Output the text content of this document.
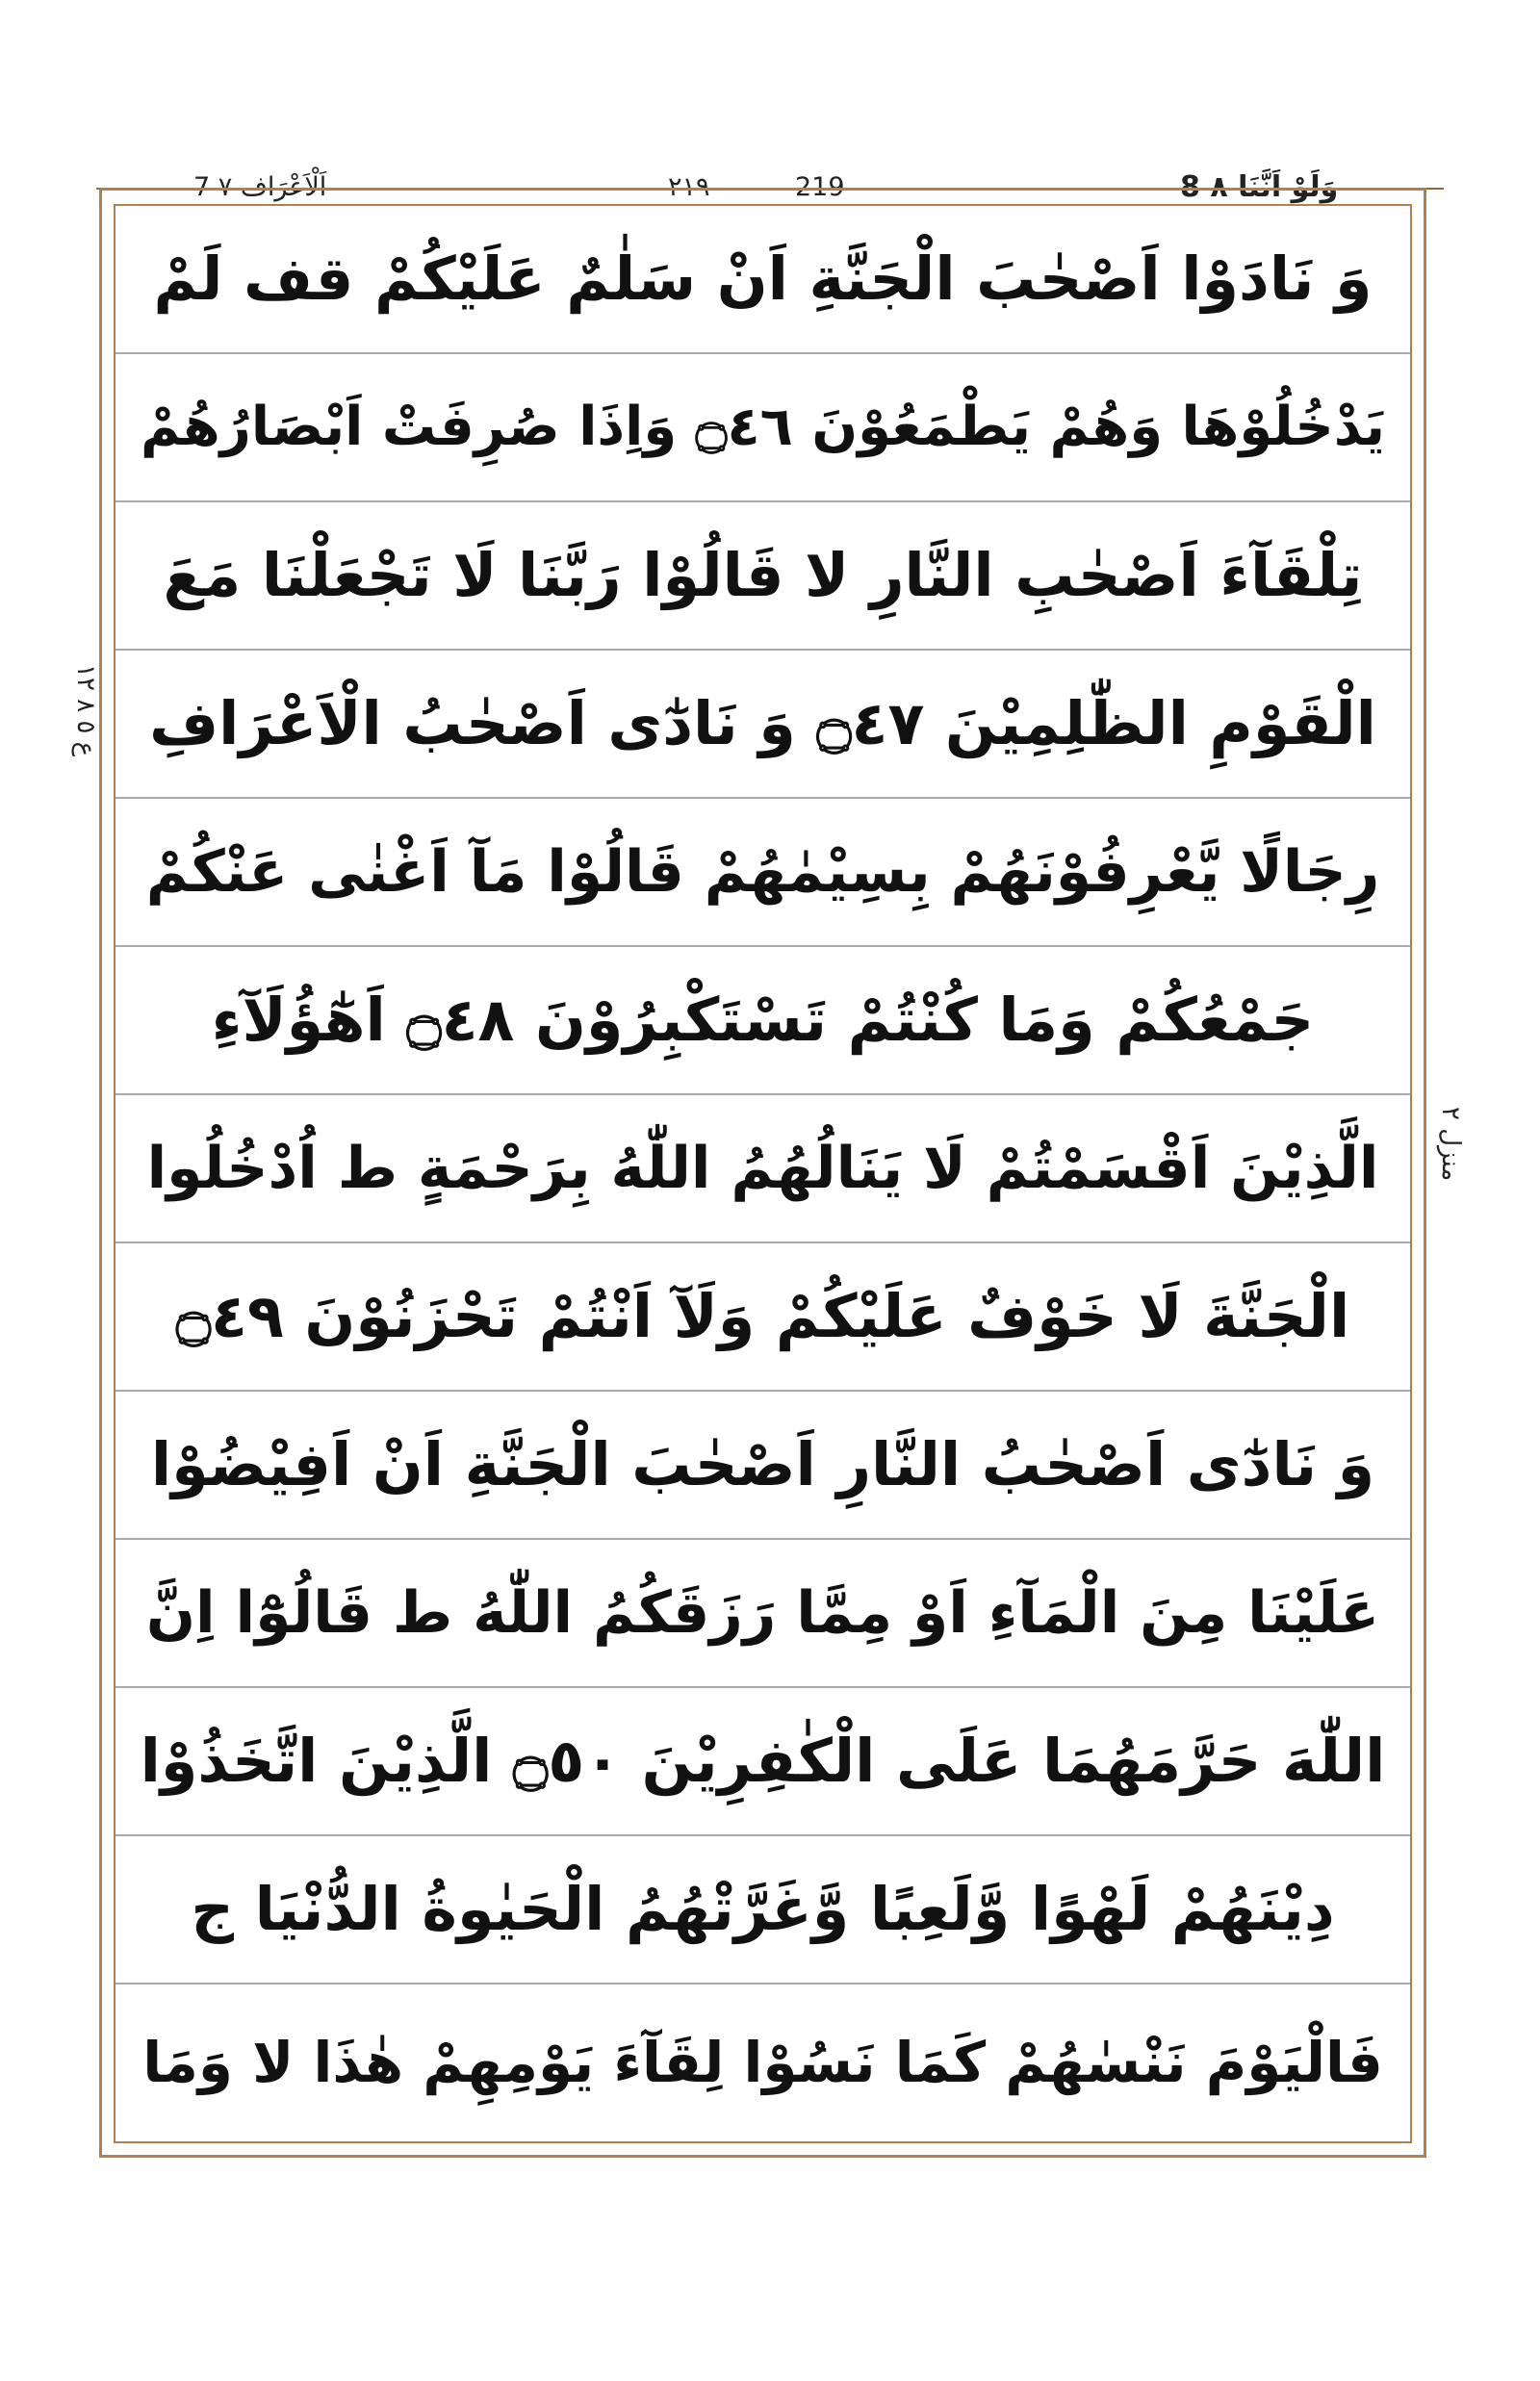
7 اَلْاَعْرَاف ٧	٢١٩	219	8 وَلَوْ اَنَّنَا ٨
ع ٥ ٨ ١٢
منزل ٢
وَ نَادَوْا اَصْحٰبَ الْجَنَّةِ اَنْ سَلٰمٌ عَلَيْكُمْ قف لَمْ
يَدْخُلُوْهَا وَهُمْ يَطْمَعُوْنَ ۝٤٦ وَاِذَا صُرِفَتْ اَبْصَارُهُمْ
تِلْقَآءَ اَصْحٰبِ النَّارِ لا قَالُوْا رَبَّنَا لَا تَجْعَلْنَا مَعَ
الْقَوْمِ الظّٰلِمِيْنَ ۝٤٧ وَ نَادٰٓى اَصْحٰبُ الْاَعْرَافِ
رِجَالًا يَّعْرِفُوْنَهُمْ بِسِيْمٰهُمْ قَالُوْا مَآ اَغْنٰى عَنْكُمْ
جَمْعُكُمْ وَمَا كُنْتُمْ تَسْتَكْبِرُوْنَ ۝٤٨ اَهٰٓؤُلَآءِ
الَّذِيْنَ اَقْسَمْتُمْ لَا يَنَالُهُمُ اللّٰهُ بِرَحْمَةٍ ط اُدْخُلُوا
الْجَنَّةَ لَا خَوْفٌ عَلَيْكُمْ وَلَآ اَنْتُمْ تَحْزَنُوْنَ ۝٤٩
وَ نَادٰٓى اَصْحٰبُ النَّارِ اَصْحٰبَ الْجَنَّةِ اَنْ اَفِيْضُوْا
عَلَيْنَا مِنَ الْمَآءِ اَوْ مِمَّا رَزَقَكُمُ اللّٰهُ ط قَالُوْٓا اِنَّ
اللّٰهَ حَرَّمَهُمَا عَلَى الْكٰفِرِيْنَ ۝٥٠ الَّذِيْنَ اتَّخَذُوْا
دِيْنَهُمْ لَهْوًا وَّلَعِبًا وَّغَرَّتْهُمُ الْحَيٰوةُ الدُّنْيَا ج
فَالْيَوْمَ نَنْسٰهُمْ كَمَا نَسُوْا لِقَآءَ يَوْمِهِمْ هٰذَا لا وَمَا
